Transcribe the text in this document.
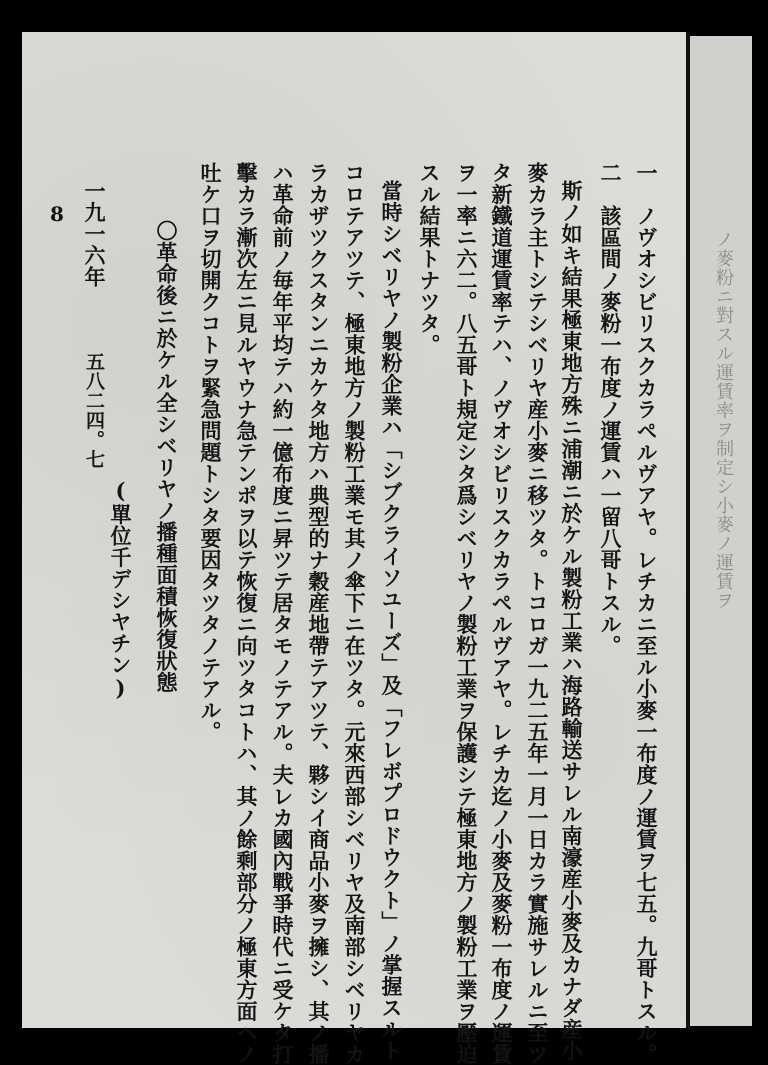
ノ麥粉ニ對スル運賃率ヲ制定シ小麥ノ運賃ヲ
8	一　ノヴオシビリスクカラペルヴアヤ。レチカニ至ル小麥一布度ノ運賃ヲ七五。九哥トスル。
二　該區間ノ麥粉一布度ノ運賃ハ一留八哥トスル。
斯ノ如キ結果極東地方殊ニ浦潮ニ於ケル製粉工業ハ海路輸送サレル南濠産小麥及カナダ産小
麥カラ主トシテシベリヤ産小麥ニ移ツタ。トコロガ一九二五年一月一日カラ實施サレルニ至ツ
タ新鐵道運賃率テハ、ノヴオシビリスクカラペルヴアヤ。レチカ迄ノ小麥及麥粉一布度ノ運賃
ヲ一率ニ六二。八五哥ト規定シタ爲シベリヤノ製粉工業ヲ保護シテ極東地方ノ製粉工業ヲ壓迫
スル結果トナツタ。
當時シベリヤノ製粉企業ハ「シブクライソユーズ」及「フレボプロドウクト」ノ掌握スルト
コロテアツテ、極東地方ノ製粉工業モ其ノ傘下ニ在ツタ。元來西部シベリヤ及南部シベリヤカ
ラカザツクスタンニカケタ地方ハ典型的ナ穀産地帶テアツテ、夥シイ商品小麥ヲ擁シ、其ノ播
ハ革命前ノ毎年平均テハ約一億布度ニ昇ツテ居タモノテアル。夫レカ國內戰爭時代ニ受ケタ打
擊カラ漸次左ニ見ルヤウナ急テンポヲ以テ恢復ニ向ツタコトハ、其ノ餘剩部分ノ極東方面ヘノ
吐ケ口ヲ切開クコトヲ緊急問題トシタ要因タツタノテアル。
〇革命後ニ於ケル全シベリヤノ播種面積恢復狀態
(單位千デシヤチン)
一九一六年
五八二四。七
